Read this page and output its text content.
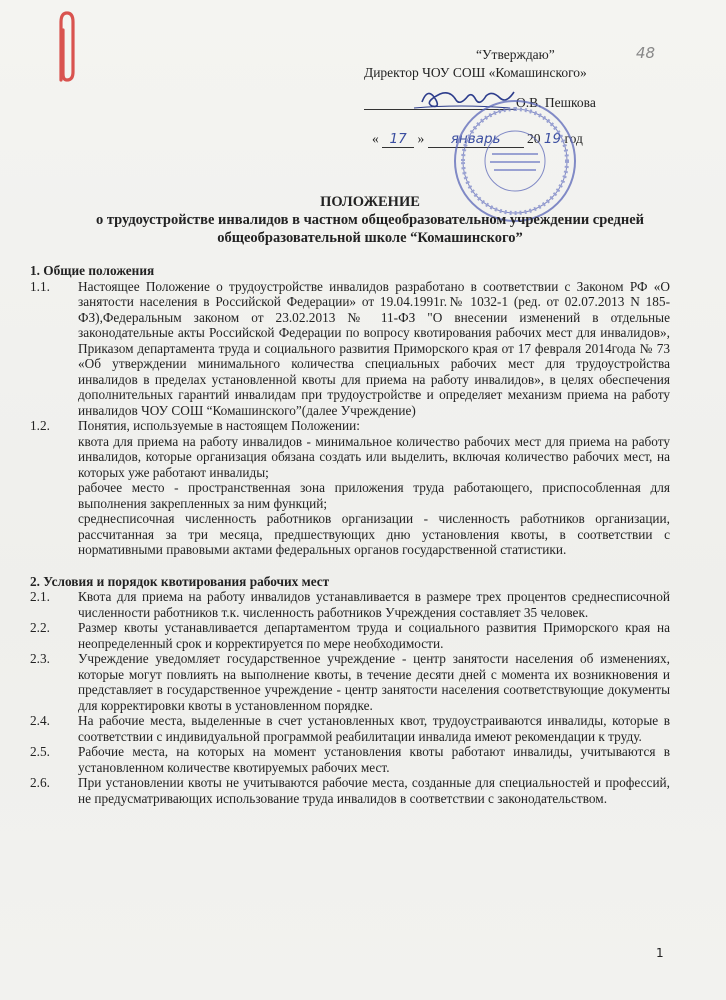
48
“Утверждаю”
Директор ЧОУ СОШ «Комашинского»
О.В. Пешкова
« 17 » январь 20 19 год
ПОЛОЖЕНИЕ
о трудоустройстве инвалидов в частном общеобразовательном учреждении средней
общеобразовательной школе “Комашинского”

1. Общие положения

1.1.	Настоящее Положение о трудоустройстве инвалидов разработано в соответствии с Законом РФ «О занятости населения в Российской Федерации» от 19.04.1991г.№ 1032-1 (ред. от 02.07.2013 N 185-ФЗ),Федеральным законом от 23.02.2013 № 11-ФЗ "О внесении изменений в отдельные законодательные акты Российской Федерации по вопросу квотирования рабочих мест для инвалидов», Приказом департамента труда и социального развития Приморского края от 17 февраля 2014года № 73 «Об утверждении минимального количества специальных рабочих мест для трудоустройства инвалидов в пределах установленной квоты для приема на работу инвалидов», в целях обеспечения дополнительных гарантий инвалидам при трудоустройстве и определяет механизм приема на работу инвалидов ЧОУ СОШ “Комашинского”(далее Учреждение)
1.2.	Понятия, используемые в настоящем Положении:

квота для приема на работу инвалидов - минимальное количество рабочих мест для приема на работу инвалидов, которые организация обязана создать или выделить, включая количество рабочих мест, на которых уже работают инвалиды;

рабочее место - пространственная зона приложения труда работающего, приспособленная для выполнения закрепленных за ним функций;

среднесписочная численность работников организации - численность работников организации, рассчитанная за три месяца, предшествующих дню установления квоты, в соответствии с нормативными правовыми актами федеральных органов государственной статистики.

2. Условия и порядок квотирования рабочих мест

2.1.	Квота для приема на работу инвалидов устанавливается в размере трех процентов среднесписочной численности работников т.к. численность работников Учреждения составляет 35 человек.
2.2.	Размер квоты устанавливается департаментом труда и социального развития Приморского края на неопределенный срок и корректируется по мере необходимости.
2.3.	Учреждение уведомляет государственное учреждение - центр занятости населения об изменениях, которые могут повлиять на выполнение квоты, в течение десяти дней с момента их возникновения и представляет в государственное учреждение - центр занятости населения соответствующие документы для корректировки квоты в установленном порядке.
2.4.	На рабочие места, выделенные в счет установленных квот, трудоустраиваются инвалиды, которые в соответствии с индивидуальной программой реабилитации инвалида имеют рекомендации к труду.
2.5.	Рабочие места, на которых на момент установления квоты работают инвалиды, учитываются в установленном количестве квотируемых рабочих мест.
2.6.	При установлении квоты не учитываются рабочие места, созданные для специальностей и профессий, не предусматривающих использование труда инвалидов в соответствии с законодательством.
1
